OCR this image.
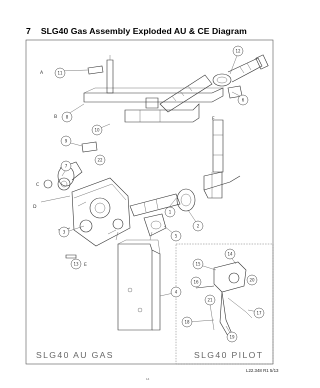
7 SLG40 Gas Assembly Exploded AU & CE Diagram
12
11
8
6
10
9
7
1
2
3
5
4
13
14
15
16
17
18
19
20
21
22
A
B
C
D
E
F
SLG40 AU GAS	SLG40 PILOT
L22.348 R1 5/13
14
